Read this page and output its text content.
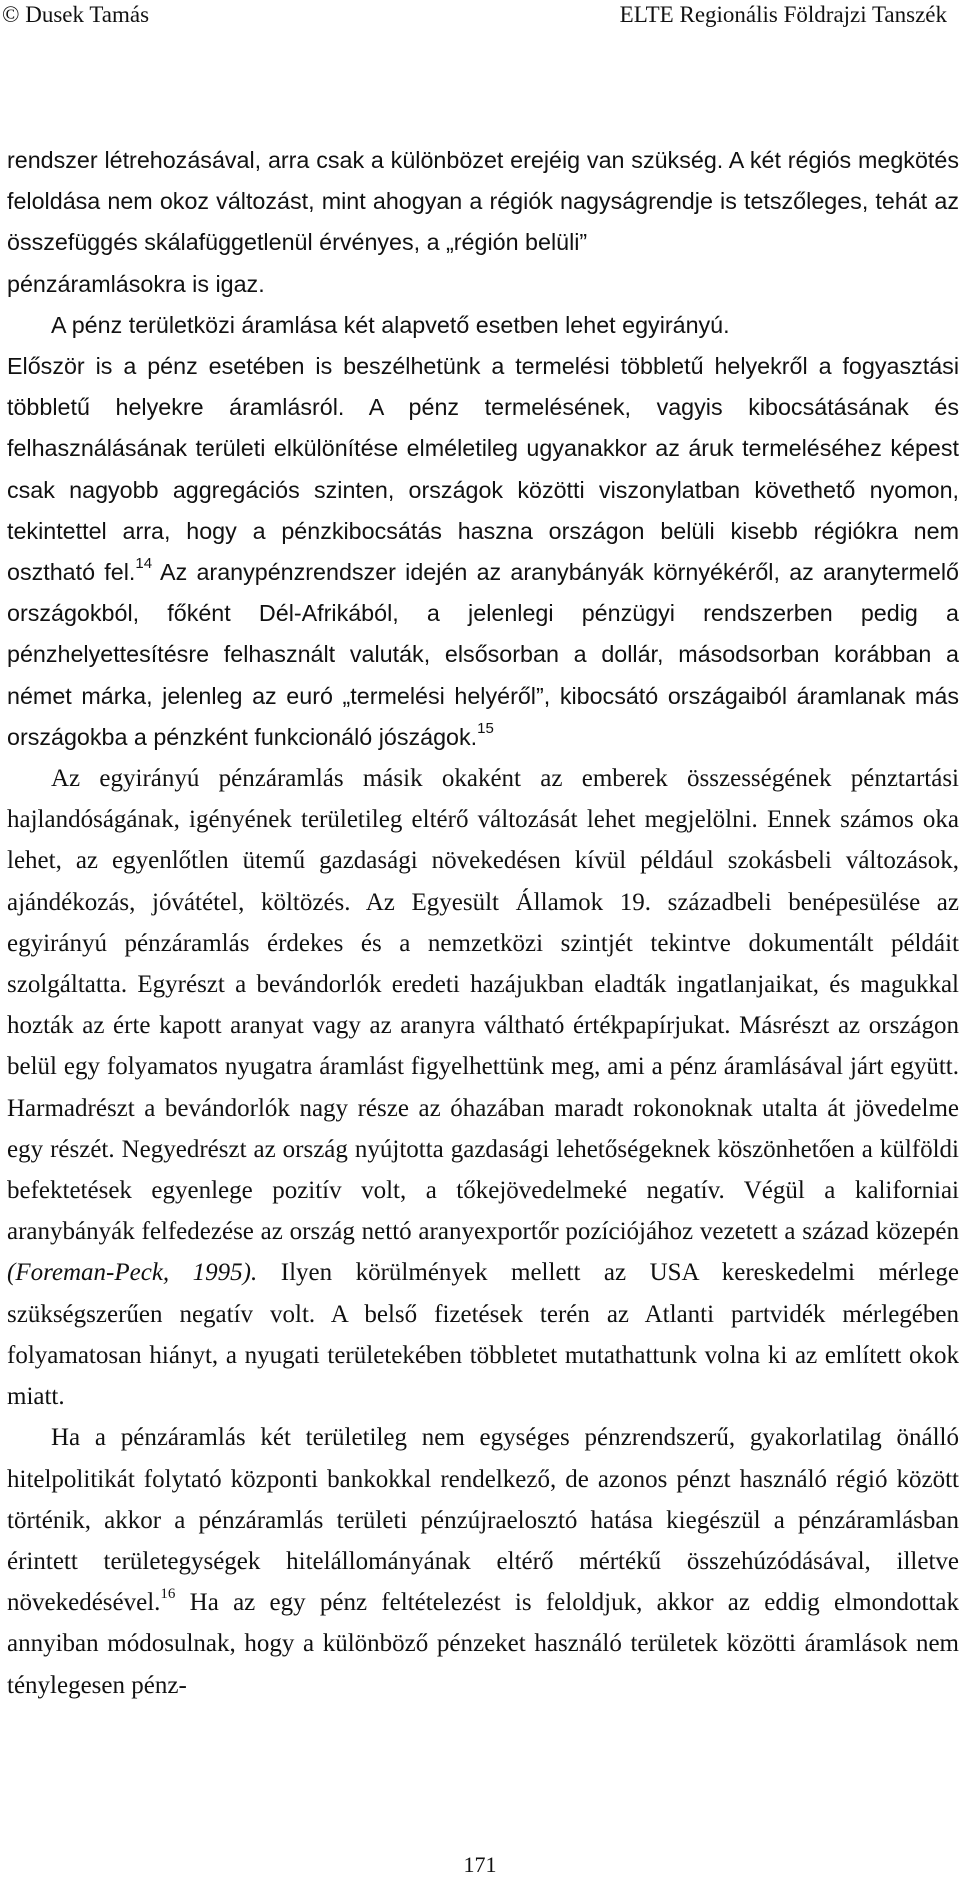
© Dusek Tamás	ELTE Regionális Földrajzi Tanszék

rendszer létrehozásával, arra csak a különbözet erejéig van szükség. A két régiós megkötés feloldása nem okoz változást, mint ahogyan a régiók nagyságrendje is tetszőleges, tehát az összefüggés skálafüggetlenül érvényes, a „régión belüli”

pénzáramlásokra is igaz.

A pénz területközi áramlása két alapvető esetben lehet egyirányú.

Először is a pénz esetében is beszélhetünk a termelési többletű helyekről a fogyasztási többletű helyekre áramlásról. A pénz termelésének, vagyis kibocsátásának és felhasználásának területi elkülönítése elméletileg ugyanakkor az áruk termeléséhez képest csak nagyobb aggregációs szinten, országok közötti viszonylatban követhető nyomon, tekintettel arra, hogy a pénzkibocsátás haszna országon belüli kisebb régiókra nem osztható fel.$^{14}$ Az aranypénzrendszer idején az aranybányák környékéről, az aranytermelő országokból, főként Dél-Afrikából, a jelenlegi pénzügyi rendszerben pedig a pénzhelyettesítésre felhasznált valuták, elsősorban a dollár, másodsorban korábban a német márka, jelenleg az euró „termelési helyéről”, kibocsátó országaiból áramlanak más országokba a pénzként funkcionáló jószágok.$^{15}$

Az egyirányú pénzáramlás másik okaként az emberek összességének pénztartási hajlandóságának, igényének területileg eltérő változását lehet megjelölni. Ennek számos oka lehet, az egyenlőtlen ütemű gazdasági növekedésen kívül például szokásbeli változások, ajándékozás, jóvátétel, költözés. Az Egyesült Államok 19. századbeli benépesülése az egyirányú pénzáramlás érdekes és a nemzetközi szintjét tekintve dokumentált példáit szolgáltatta. Egyrészt a bevándorlók eredeti hazájukban eladták ingatlanjaikat, és magukkal hozták az érte kapott aranyat vagy az aranyra váltható értékpapírjukat. Másrészt az országon belül egy folyamatos nyugatra áramlást figyelhettünk meg, ami a pénz áramlásával járt együtt. Harmadrészt a bevándorlók nagy része az óhazában maradt rokonoknak utalta át jövedelme egy részét. Negyedrészt az ország nyújtotta gazdasági lehetőségeknek köszönhetően a külföldi befektetések egyenlege pozitív volt, a tőkejövedelmeké negatív. Végül a kaliforniai aranybányák felfedezése az ország nettó aranyexportőr pozíciójához vezetett a század közepén (Foreman-Peck, 1995). Ilyen körülmények mellett az USA kereskedelmi mérlege szükségszerűen negatív volt. A belső fizetések terén az Atlanti partvidék mérlegében folyamatosan hiányt, a nyugati területekében többletet mutathattunk volna ki az említett okok miatt.

Ha a pénzáramlás két területileg nem egységes pénzrendszerű, gyakorlatilag önálló hitelpolitikát folytató központi bankokkal rendelkező, de azonos pénzt használó régió között történik, akkor a pénzáramlás területi pénzújraelosztó hatása kiegészül a pénzáramlásban érintett területegységek hitelállományának eltérő mértékű összehúzódásával, illetve növekedésével.$^{16}$ Ha az egy pénz feltételezést is feloldjuk, akkor az eddig elmondottak annyiban módosulnak, hogy a különböző pénzeket használó területek közötti áramlások nem ténylegesen pénz-

171
